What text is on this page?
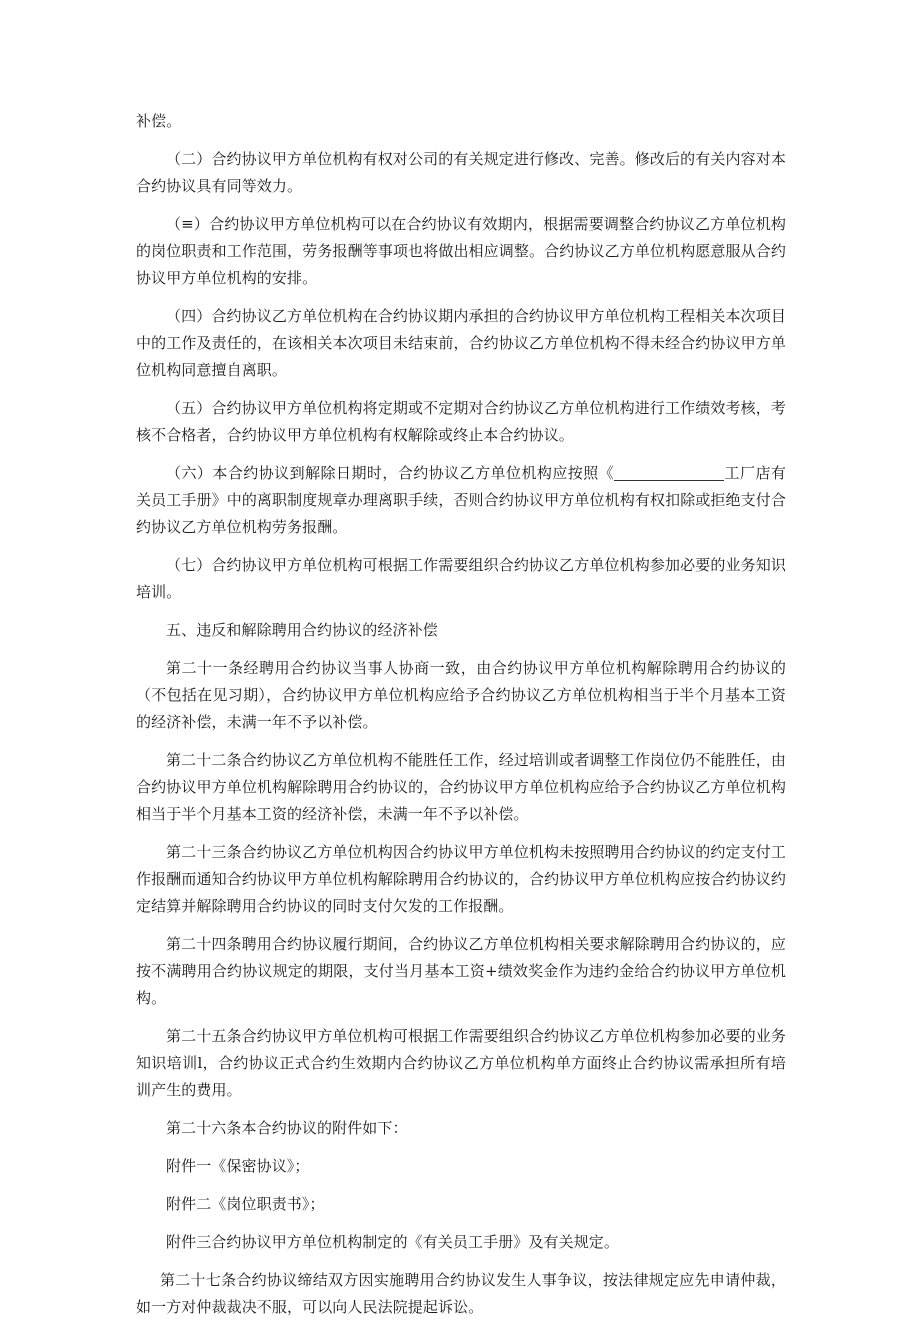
补偿。

（二）合约协议甲方单位机构有权对公司的有关规定进行修改、完善。修改后的有关内容对本合约协议具有同等效力。

（≡）合约协议甲方单位机构可以在合约协议有效期内，根据需要调整合约协议乙方单位机构的岗位职责和工作范围，劳务报酬等事项也将做出相应调整。合约协议乙方单位机构愿意服从合约协议甲方单位机构的安排。

（四）合约协议乙方单位机构在合约协议期内承担的合约协议甲方单位机构工程相关本次项目中的工作及责任的，在该相关本次项目未结束前，合约协议乙方单位机构不得未经合约协议甲方单位机构同意擅自离职。

（五）合约协议甲方单位机构将定期或不定期对合约协议乙方单位机构进行工作绩效考核，考核不合格者，合约协议甲方单位机构有权解除或终止本合约协议。

（六）本合约协议到解除日期时，合约协议乙方单位机构应按照《	工厂店有关员工手册》中的离职制度规章办理离职手续，否则合约协议甲方单位机构有权扣除或拒绝支付合约协议乙方单位机构劳务报酬。

（七）合约协议甲方单位机构可根据工作需要组织合约协议乙方单位机构参加必要的业务知识培训。

五、违反和解除聘用合约协议的经济补偿

第二十一条经聘用合约协议当事人协商一致，由合约协议甲方单位机构解除聘用合约协议的（不包括在见习期），合约协议甲方单位机构应给予合约协议乙方单位机构相当于半个月基本工资的经济补偿，未满一年不予以补偿。

第二十二条合约协议乙方单位机构不能胜任工作，经过培训或者调整工作岗位仍不能胜任，由合约协议甲方单位机构解除聘用合约协议的，合约协议甲方单位机构应给予合约协议乙方单位机构相当于半个月基本工资的经济补偿，未满一年不予以补偿。

第二十三条合约协议乙方单位机构因合约协议甲方单位机构未按照聘用合约协议的约定支付工作报酬而通知合约协议甲方单位机构解除聘用合约协议的，合约协议甲方单位机构应按合约协议约定结算并解除聘用合约协议的同时支付欠发的工作报酬。

第二十四条聘用合约协议履行期间，合约协议乙方单位机构相关要求解除聘用合约协议的，应按不满聘用合约协议规定的期限，支付当月基本工资+绩效奖金作为违约金给合约协议甲方单位机构。

第二十五条合约协议甲方单位机构可根据工作需要组织合约协议乙方单位机构参加必要的业务知识培训l，合约协议正式合约生效期内合约协议乙方单位机构单方面终止合约协议需承担所有培训产生的费用。

第二十六条本合约协议的附件如下：

附件一《保密协议》；

附件二《岗位职责书》；

附件三合约协议甲方单位机构制定的《有关员工手册》及有关规定。

第二十七条合约协议缔结双方因实施聘用合约协议发生人事争议，按法律规定应先申请仲裁，如一方对仲裁裁决不服，可以向人民法院提起诉讼。
